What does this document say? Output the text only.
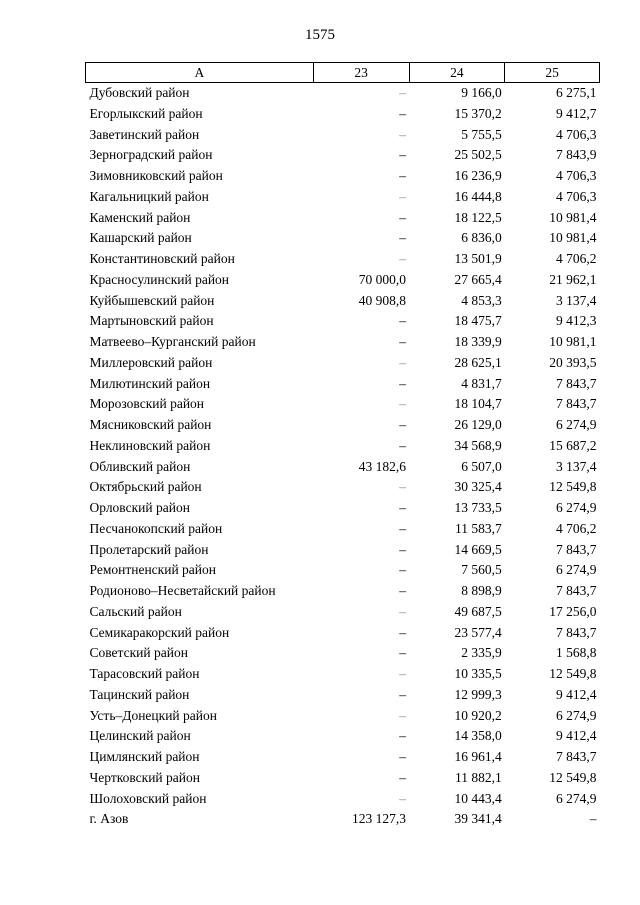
1575
А	23	24	25
Дубовский район	–	9 166,0	6 275,1
Егорлыкский район	–	15 370,2	9 412,7
Заветинский район	–	5 755,5	4 706,3
Зерноградский район	–	25 502,5	7 843,9
Зимовниковский район	–	16 236,9	4 706,3
Кагальницкий район	–	16 444,8	4 706,3
Каменский район	–	18 122,5	10 981,4
Кашарский район	–	6 836,0	10 981,4
Константиновский район	–	13 501,9	4 706,2
Красносулинский район	70 000,0	27 665,4	21 962,1
Куйбышевский район	40 908,8	4 853,3	3 137,4
Мартыновский район	–	18 475,7	9 412,3
Матвеево–Курганский район	–	18 339,9	10 981,1
Миллеровский район	–	28 625,1	20 393,5
Милютинский район	–	4 831,7	7 843,7
Морозовский район	–	18 104,7	7 843,7
Мясниковский район	–	26 129,0	6 274,9
Неклиновский район	–	34 568,9	15 687,2
Обливский район	43 182,6	6 507,0	3 137,4
Октябрьский район	–	30 325,4	12 549,8
Орловский район	–	13 733,5	6 274,9
Песчанокопский район	–	11 583,7	4 706,2
Пролетарский район	–	14 669,5	7 843,7
Ремонтненский район	–	7 560,5	6 274,9
Родионово–Несветайский район	–	8 898,9	7 843,7
Сальский район	–	49 687,5	17 256,0
Семикаракорский район	–	23 577,4	7 843,7
Советский район	–	2 335,9	1 568,8
Тарасовский район	–	10 335,5	12 549,8
Тацинский район	–	12 999,3	9 412,4
Усть–Донецкий район	–	10 920,2	6 274,9
Целинский район	–	14 358,0	9 412,4
Цимлянский район	–	16 961,4	7 843,7
Чертковский район	–	11 882,1	12 549,8
Шолоховский район	–	10 443,4	6 274,9
г. Азов	123 127,3	39 341,4	–
